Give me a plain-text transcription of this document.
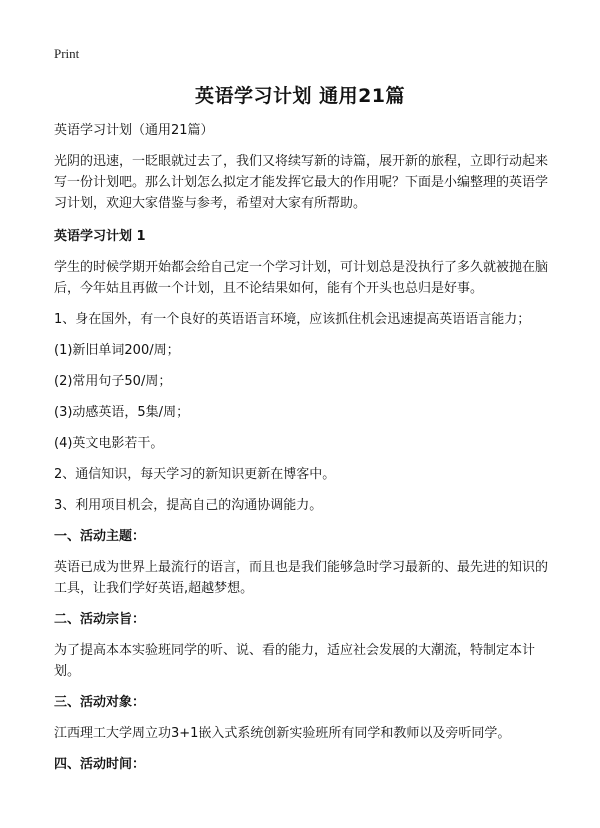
Print
英语学习计划 通用21篇

英语学习计划（通用21篇）

光阴的迅速，一眨眼就过去了，我们又将续写新的诗篇，展开新的旅程，立即行动起来写一份计划吧。那么计划怎么拟定才能发挥它最大的作用呢？下面是小编整理的英语学习计划，欢迎大家借鉴与参考，希望对大家有所帮助。

英语学习计划 1

学生的时候学期开始都会给自己定一个学习计划，可计划总是没执行了多久就被抛在脑后，今年姑且再做一个计划，且不论结果如何，能有个开头也总归是好事。

1、身在国外，有一个良好的英语语言环境，应该抓住机会迅速提高英语语言能力；

(1)新旧单词200/周；

(2)常用句子50/周；

(3)动感英语，5集/周；

(4)英文电影若干。

2、通信知识，每天学习的新知识更新在博客中。

3、利用项目机会，提高自己的沟通协调能力。

一、活动主题：

英语已成为世界上最流行的语言，而且也是我们能够急时学习最新的、最先进的知识的工具，让我们学好英语,超越梦想。

二、活动宗旨：

为了提高本本实验班同学的听、说、看的能力，适应社会发展的大潮流，特制定本计划。

三、活动对象：

江西理工大学周立功3+1嵌入式系统创新实验班所有同学和教师以及旁听同学。

四、活动时间：
